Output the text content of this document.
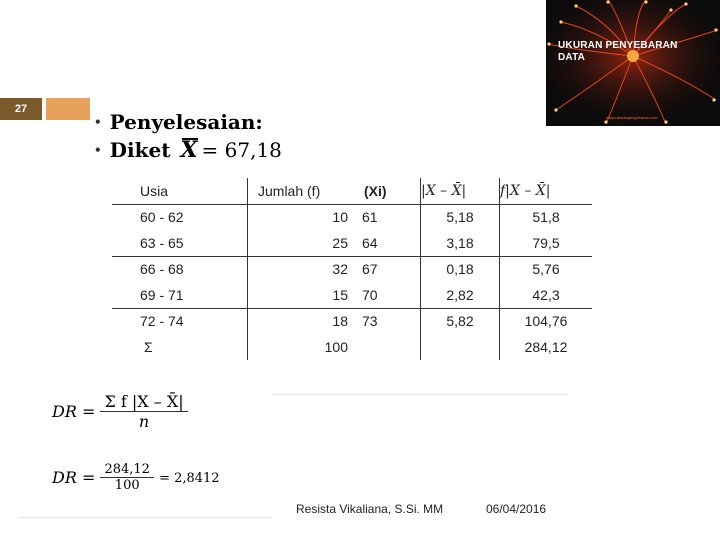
27
UKURAN PENYEBARAN
DATA
www.ukuranpenyebaran.com
• Penyelesaian:
• Diket X = 67,18
Usia	Jumlah (f)	(Xi)	|X – X̄|	f|X – X̄|
60 - 62	10	61	5,18	51,8
63 - 65	25	64	3,18	79,5
66 - 68	32	67	0,18	5,76
69 - 71	15	70	2,82	42,3
72 - 74	18	73	5,82	104,76
Σ	100			284,12
DR = $\frac{\text{Σ f |X – X̄|}}{n}$
DR = $\frac{284,12}{100} = 2,8412$
Resista Vikaliana, S.Si. MM	06/04/2016
